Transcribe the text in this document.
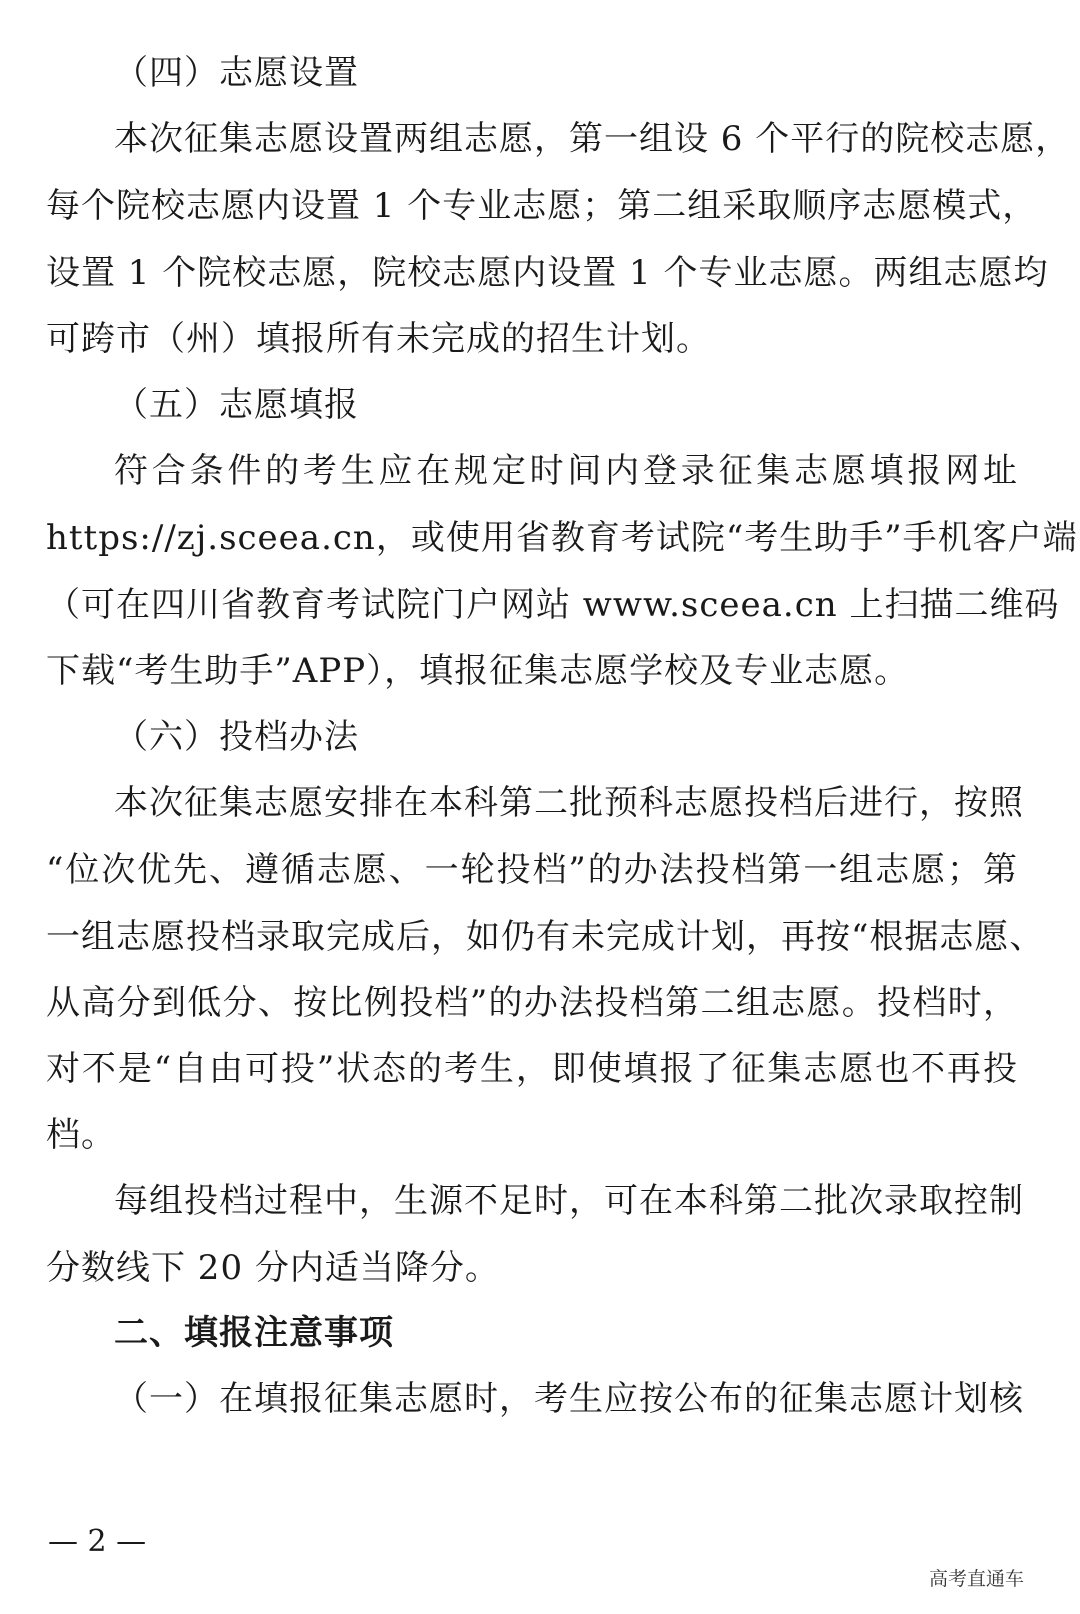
（四）志愿设置
本次征集志愿设置两组志愿，第一组设 6 个平行的院校志愿，
每个院校志愿内设置 1 个专业志愿；第二组采取顺序志愿模式，
设置 1 个院校志愿，院校志愿内设置 1 个专业志愿。两组志愿均
可跨市（州）填报所有未完成的招生计划。
（五）志愿填报
符合条件的考生应在规定时间内登录征集志愿填报网址
https://zj.sceea.cn，或使用省教育考试院“考生助手”手机客户端
（可在四川省教育考试院门户网站 www.sceea.cn 上扫描二维码
下载“考生助手”APP），填报征集志愿学校及专业志愿。
（六）投档办法
本次征集志愿安排在本科第二批预科志愿投档后进行，按照
“位次优先、遵循志愿、一轮投档”的办法投档第一组志愿；第
一组志愿投档录取完成后，如仍有未完成计划，再按“根据志愿、
从高分到低分、按比例投档”的办法投档第二组志愿。投档时，
对不是“自由可投”状态的考生，即使填报了征集志愿也不再投
档。
每组投档过程中，生源不足时，可在本科第二批次录取控制
分数线下 20 分内适当降分。
二、填报注意事项
（一）在填报征集志愿时，考生应按公布的征集志愿计划核
— 2 —
高考直通车
